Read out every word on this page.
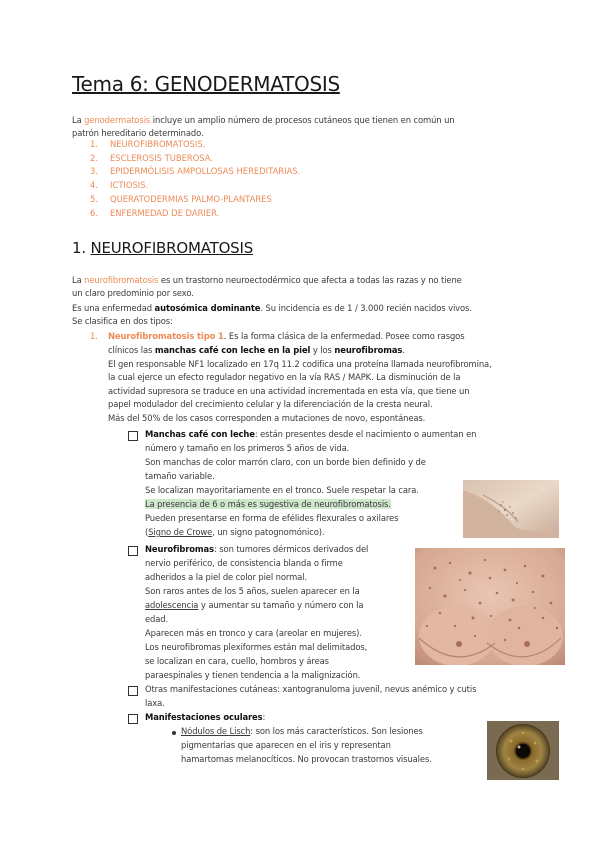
Tema 6: GENODERMATOSIS
La genodermatosis incluye un amplio número de procesos cutáneos que tienen en común un
patrón hereditario determinado.
1. NEUROFIBROMATOSIS.
2. ESCLEROSIS TUBEROSA.
3. EPIDERMÓLISIS AMPOLLOSAS HEREDITARIAS.
4. ICTIOSIS.
5. QUERATODERMIAS PALMO-PLANTARES
6. ENFERMEDAD DE DARIER.
1. NEUROFIBROMATOSIS
La neurofibromatosis es un trastorno neuroectodérmico que afecta a todas las razas y no tiene
un claro predominio por sexo.
Es una enfermedad autosómica dominante. Su incidencia es de 1 / 3.000 recién nacidos vivos.
Se clasifica en dos tipos:
1. Neurofibromatosis tipo 1. Es la forma clásica de la enfermedad. Posee como rasgos
clínicos las manchas café con leche en la piel y los neurofibromas.
El gen responsable NF1 localizado en 17q 11.2 codifica una proteína llamada neurofibromina,
la cual ejerce un efecto regulador negativo en la vía RAS / MAPK. La disminución de la
actividad supresora se traduce en una actividad incrementada en esta vía, que tiene un
papel modulador del crecimiento celular y la diferenciación de la cresta neural.
Más del 50% de los casos corresponden a mutaciones de novo, espontáneas.
Manchas café con leche: están presentes desde el nacimiento o aumentan en
número y tamaño en los primeros 5 años de vida.
Son manchas de color marrón claro, con un borde bien definido y de
tamaño variable.
Se localizan mayoritariamente en el tronco. Suele respetar la cara.
La presencia de 6 o más es sugestiva de neurofibromatosis.
Pueden presentarse en forma de efélides flexurales o axilares
(Signo de Crowe, un signo patognomónico).
Neurofibromas: son tumores dérmicos derivados del
nervio periférico, de consistencia blanda o firme
adheridos a la piel de color piel normal.
Son raros antes de los 5 años, suelen aparecer en la
adolescencia y aumentar su tamaño y número con la
edad.
Aparecen más en tronco y cara (areolar en mujeres).
Los neurofibromas plexiformes están mal delimitados,
se localizan en cara, cuello, hombros y áreas
paraespinales y tienen tendencia a la malignización.
Otras manifestaciones cutáneas: xantogranuloma juvenil, nevus anémico y cutis
laxa.
Manifestaciones oculares:
Nódulos de Lisch: son los más característicos. Son lesiones
pigmentarias que aparecen en el iris y representan
hamartomas melanocíticos. No provocan trastornos visuales.
